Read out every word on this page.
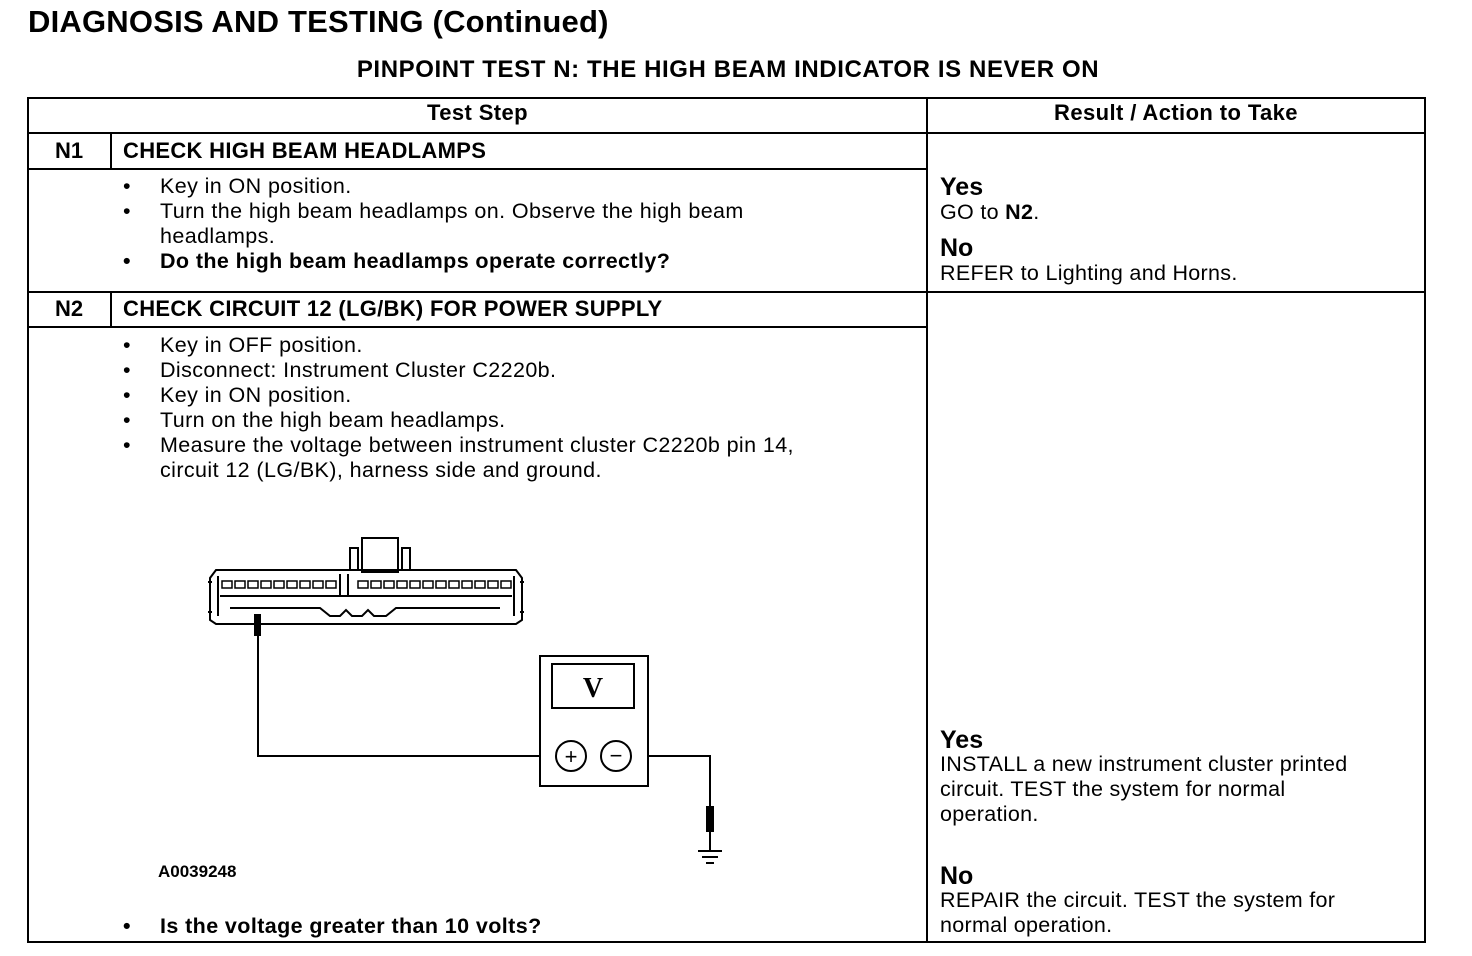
DIAGNOSIS AND TESTING (Continued)
PINPOINT TEST N: THE HIGH BEAM INDICATOR IS NEVER ON
Test Step	Result / Action to Take
N1	CHECK HIGH BEAM HEADLAMPS
• Key in ON position.
• Turn the high beam headlamps on. Observe the high beam
headlamps.
• Do the high beam headlamps operate correctly?
Yes
GO to N2.
No
REFER to Lighting and Horns.
N2	CHECK CIRCUIT 12 (LG/BK) FOR POWER SUPPLY
• Key in OFF position.
• Disconnect: Instrument Cluster C2220b.
• Key in ON position.
• Turn on the high beam headlamps.
• Measure the voltage between instrument cluster C2220b pin 14,
circuit 12 (LG/BK), harness side and ground.
V
+ −
A0039248
• Is the voltage greater than 10 volts?
Yes
INSTALL a new instrument cluster printed
circuit. TEST the system for normal
operation.
No
REPAIR the circuit. TEST the system for
normal operation.
